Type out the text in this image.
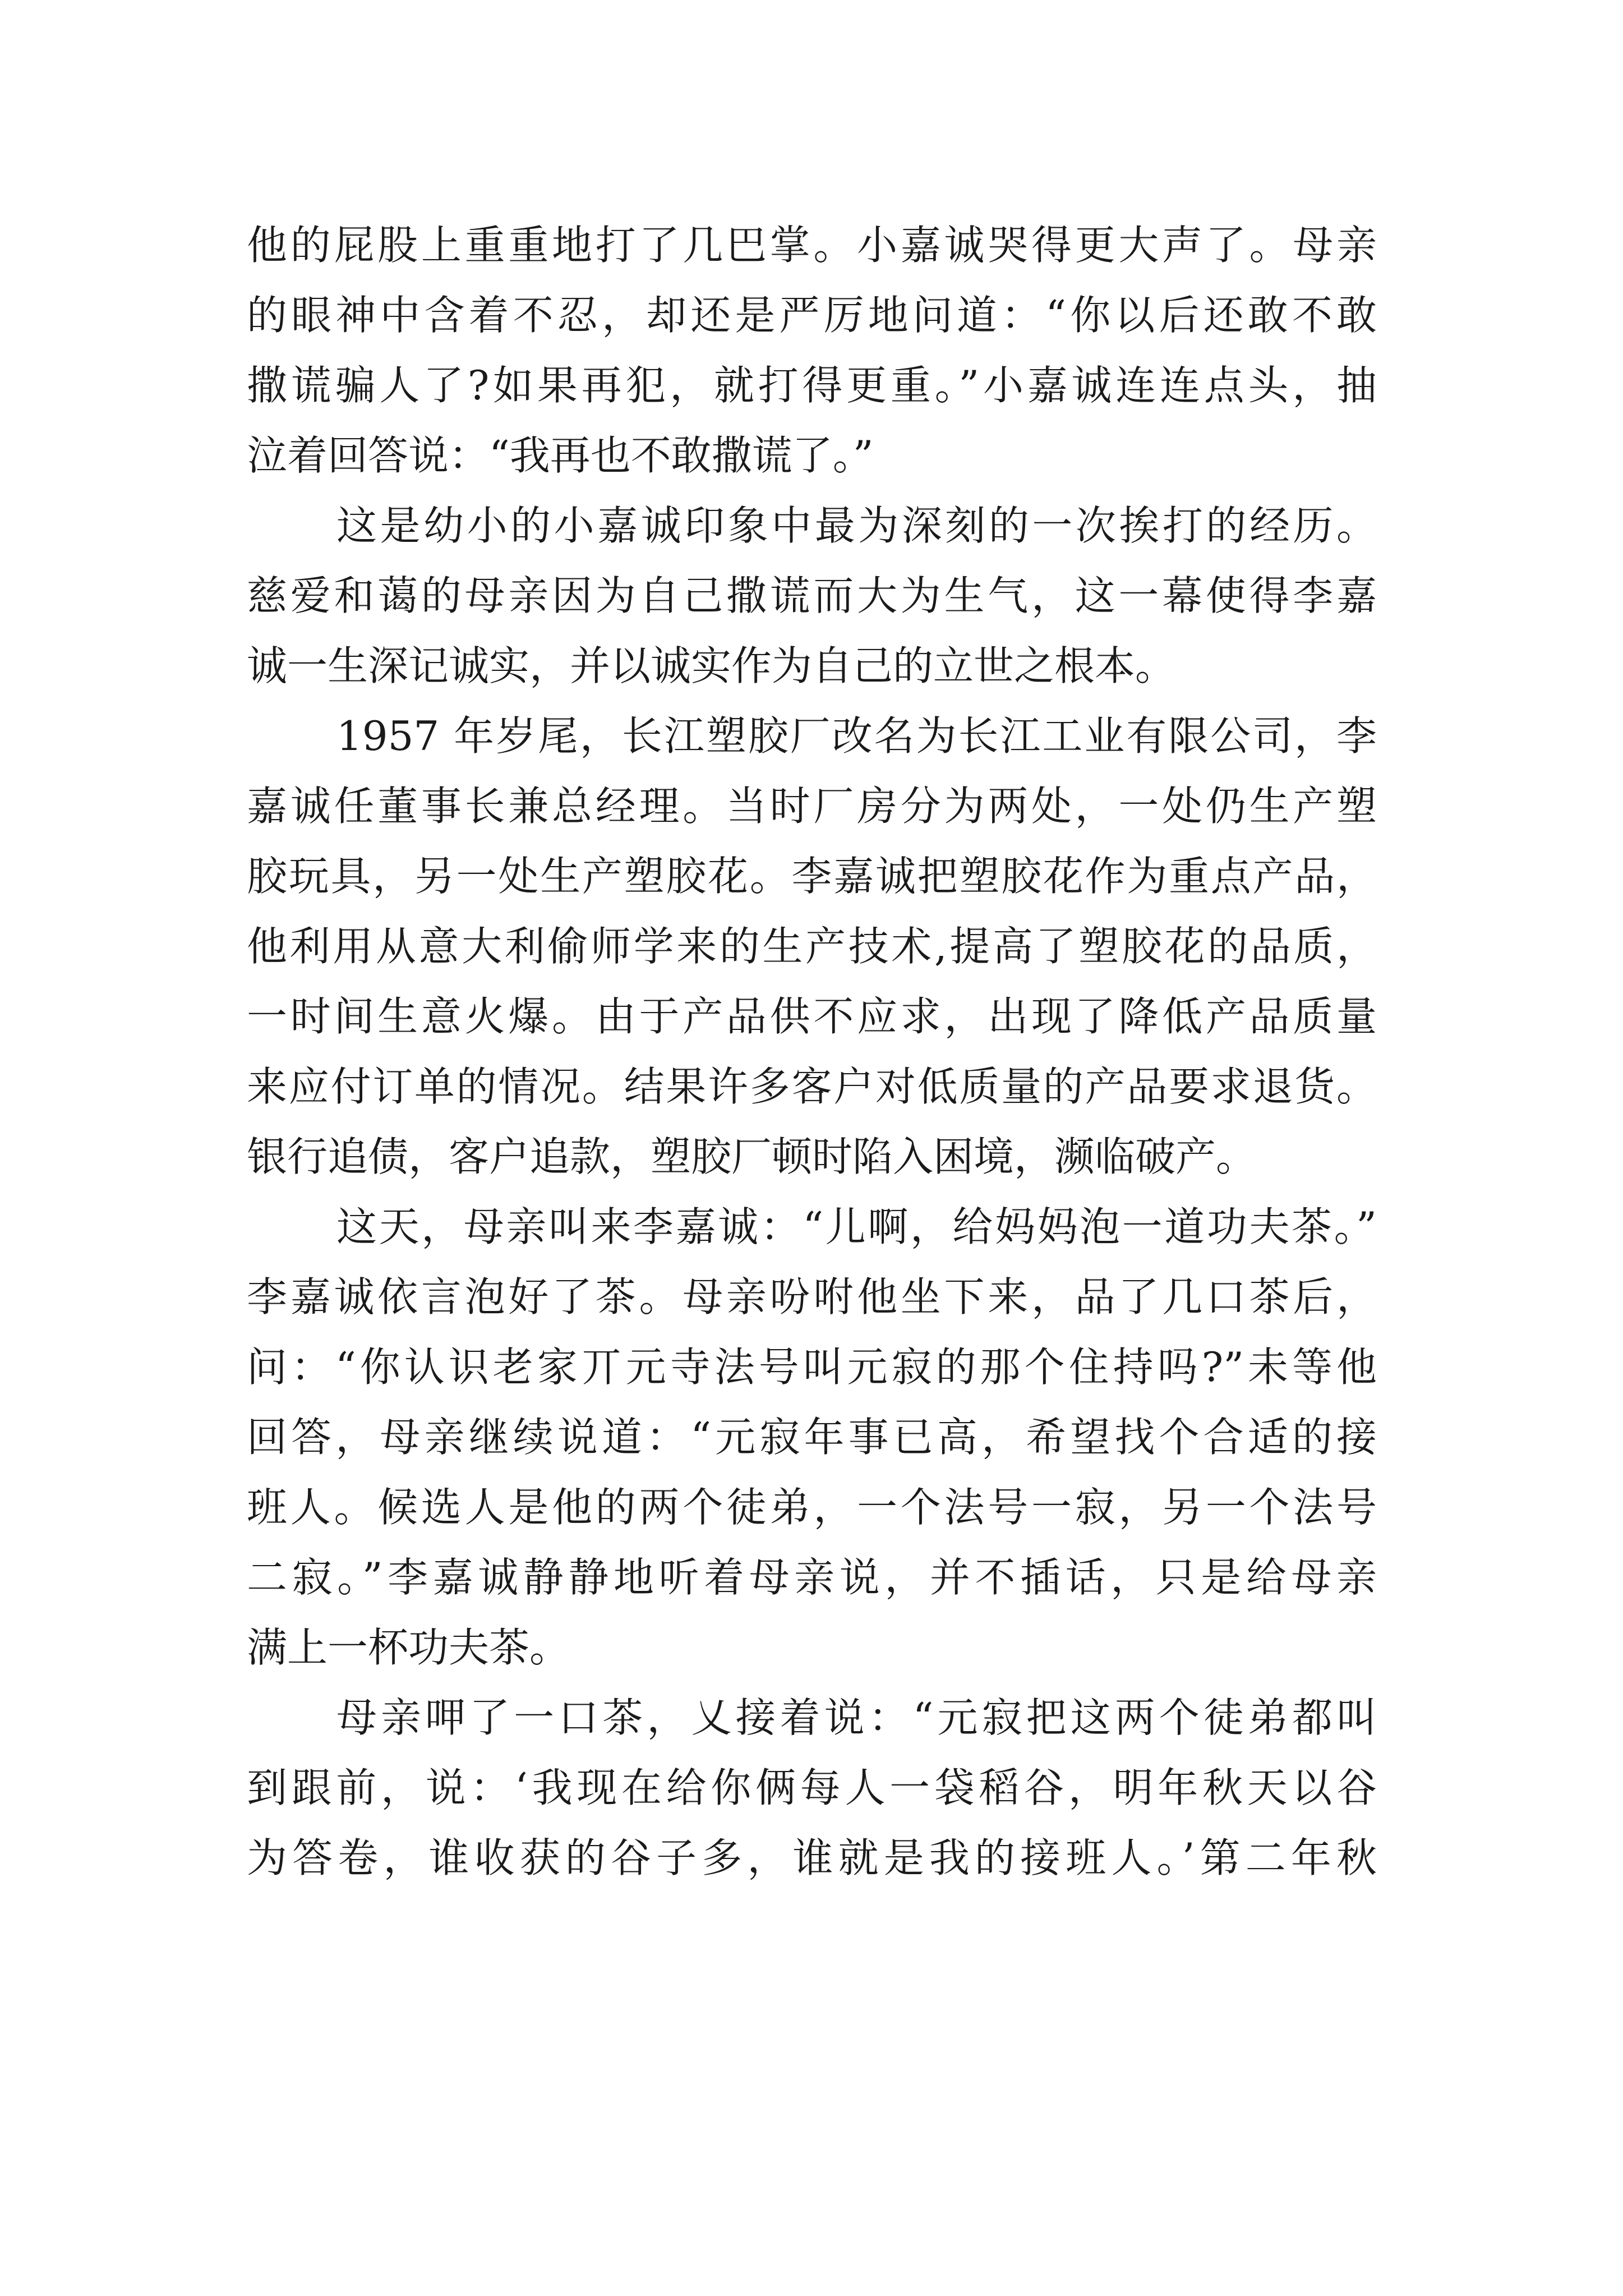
他的屁股上重重地打了几巴掌。小嘉诚哭得更大声了。母亲
的眼神中含着不忍，却还是严厉地问道：“你以后还敢不敢
撒谎骗人了?如果再犯，就打得更重。”小嘉诚连连点头，抽
泣着回答说：“我再也不敢撒谎了。”
这是幼小的小嘉诚印象中最为深刻的一次挨打的经历。
慈爱和蔼的母亲因为自己撒谎而大为生气，这一幕使得李嘉
诚一生深记诚实，并以诚实作为自己的立世之根本。
1957 年岁尾，长江塑胶厂改名为长江工业有限公司，李
嘉诚任董事长兼总经理。当时厂房分为两处，一处仍生产塑
胶玩具，另一处生产塑胶花。李嘉诚把塑胶花作为重点产品，
他利用从意大利偷师学来的生产技术,提高了塑胶花的品质，
一时间生意火爆。由于产品供不应求，出现了降低产品质量
来应付订单的情况。结果许多客户对低质量的产品要求退货。
银行追债，客户追款，塑胶厂顿时陷入困境，濒临破产。
这天，母亲叫来李嘉诚：“儿啊，给妈妈泡一道功夫茶。”
李嘉诚依言泡好了茶。母亲吩咐他坐下来，品了几口茶后，
问：“你认识老家丌元寺法号叫元寂的那个住持吗?”未等他
回答，母亲继续说道：“元寂年事已高，希望找个合适的接
班人。候选人是他的两个徒弟，一个法号一寂，另一个法号
二寂。”李嘉诚静静地听着母亲说，并不插话，只是给母亲
满上一杯功夫茶。
母亲呷了一口茶，乂接着说：“元寂把这两个徒弟都叫
到跟前，说：‘我现在给你俩每人一袋稻谷，明年秋天以谷
为答卷，谁收获的谷子多，谁就是我的接班人。’第二年秋
